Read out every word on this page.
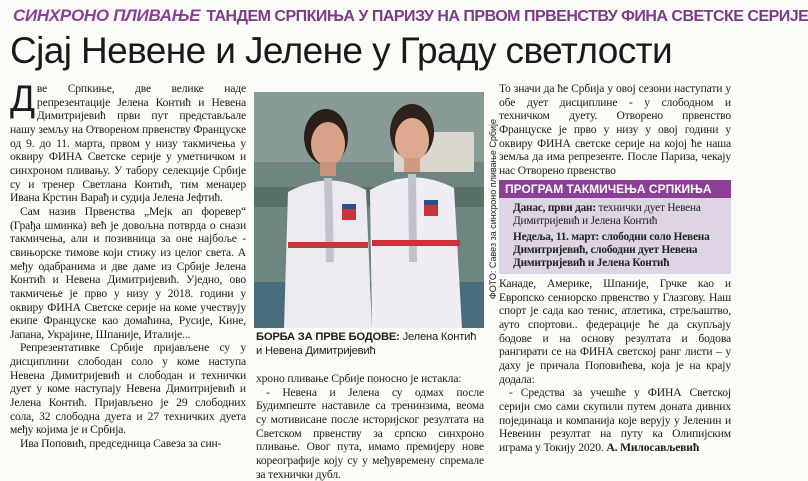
СИНХРОНО ПЛИВАЊЕ ТАНДЕМ СРПКИЊА У ПАРИЗУ НА ПРВОМ ПРВЕНСТВУ ФИНА СВЕТСКЕ СЕРИЈЕ
Сјај Невене и Јелене у Граду светлости
Д ве Српкиње, две велике наде репрезентације Јелена Контић и Невена Димитријевић први пут представљале нашу земљу на Отвореном првенству Француске од 9. до 11. марта, првом у низу такмичења у оквиру ФИНА Светске серије у уметничком и синхроном пливању. У табору селекције Србије су и тренер Светлана Контић, тим менаџер Ивана Крстин Варађ и судија Јелена Јефтић.

Сам назив Првенства „Мејк ап форевер“ (Грађа шминка) већ је довољна потврда о снази такмичења, али и позивница за оне најбоље - свињорске тимове који стижу из целог света. А међу одабранима и две даме из Србије Јелена Контић и Невена Димитријевић. Уједно, ово такмичење је прво у низу у 2018. години у оквиру ФИНА Светске серије на коме учествују екипе Француске као домаћина, Русије, Кине, Јапана, Украјине, Шпаније, Италије...

Репрезентативке Србије пријављене су у дисциплини слободан соло у коме наступа Невена Димитријевић и слободан и технички дует у коме наступају Невена Димитријевић и Јелена Контић. Пријављено је 29 слободних сола, 32 слободна дуета и 27 техничких дуета међу којима је и Србија.

Ива Поповић, председница Савеза за син-

ФОТО: Савез за синхроно пливање Србије
БОРБА ЗА ПРВЕ БОДОВЕ: Јелена Контић и Невена Димитријевић

хроно пливање Србије поносно је истакла:

- Невена и Јелена су одмах после Будимпеште наставиле са тренинзима, веома су мотивисане после историјског резултата на Светском првенству за српско синхроно пливање. Овог пута, имамо премијеру нове кореографије коју су у међувремену спремале за технички дубл.

То значи да ће Србија у овој сезони наступати у обе дует дисциплине - у слободном и техничком дуету. Отворено првенство Француске је прво у низу у овој години у оквиру ФИНА светске серије на којој ће наша земља да има репрезенте. После Париза, чекају нас Отворено првенство

ПРОГРАМ ТАКМИЧЕЊА СРПКИЊА

Данас, први дан: технички дует Невена Димитријевић и Јелена Контић

Недеља, 11. март: слободни соло Невена Димитријевић, слободни дует Невена Димитријевић и Јелена Контић

Канаде, Америке, Шпаније, Грчке као и Европско сениорско првенство у Глазгову. Наш спорт је сада као тенис, атлетика, стрељаштво, ауто спортови.. федерације ће да скупљају бодове и на основу резултата и бодова рангирати се на ФИНА светској ранг листи – у даху је причала Поповићева, која је на крају додала:

- Средства за учешће у ФИНА Светској серији смо сами скупили путем доната дивних појединаца и компанија које верују у Јеленин и Невенин резултат на путу ка Олипијским играма у Токију 2020. А. Милосављевић
